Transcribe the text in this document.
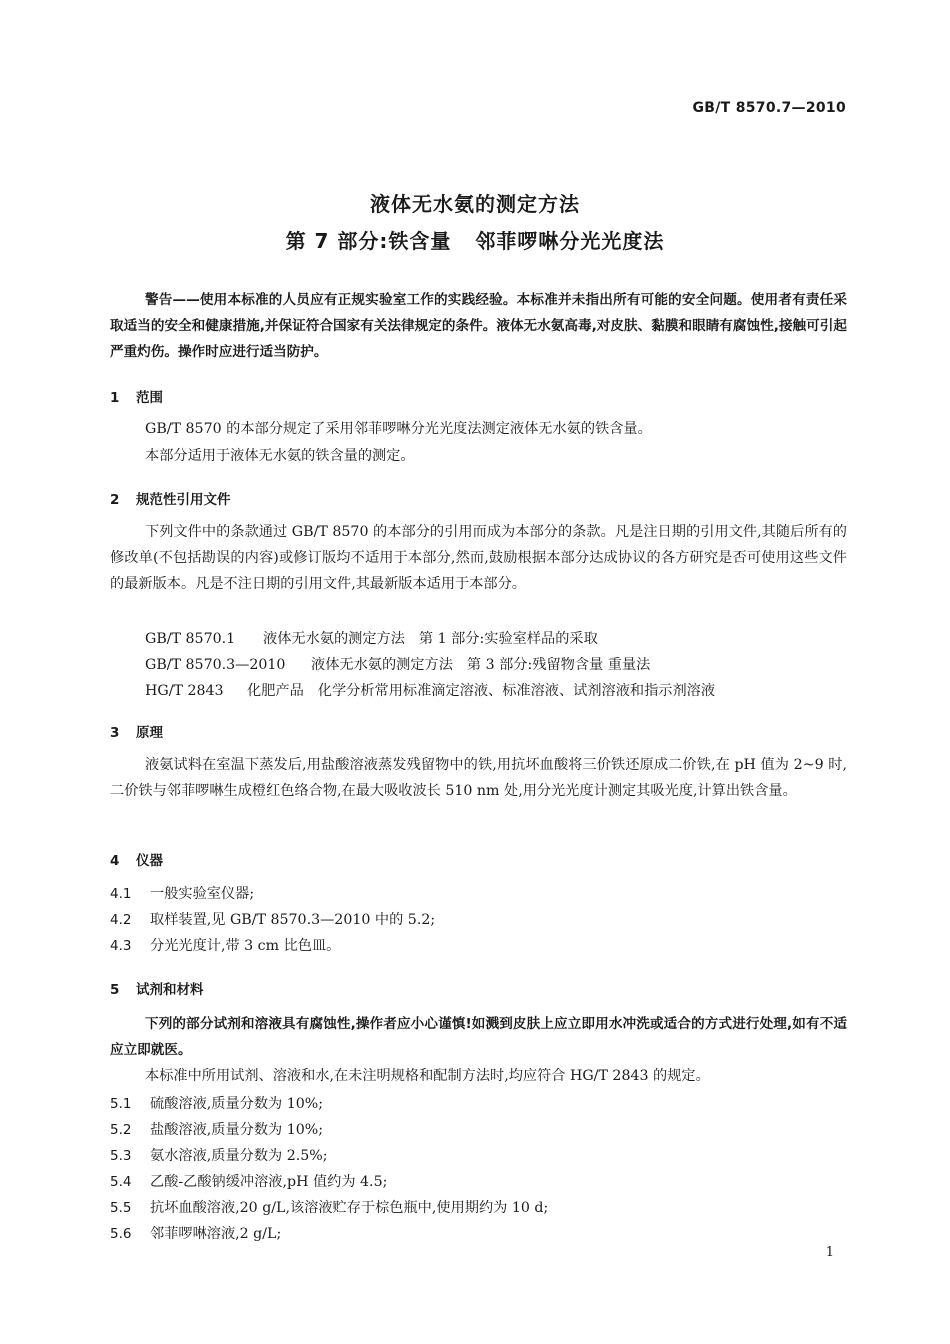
GB/T 8570.7—2010
液体无水氨的测定方法
第 7 部分:铁含量 邻菲啰啉分光光度法
警告——使用本标准的人员应有正规实验室工作的实践经验。本标准并未指出所有可能的安全问题。使用者有责任采取适当的安全和健康措施,并保证符合国家有关法律规定的条件。液体无水氨高毒,对皮肤、黏膜和眼睛有腐蚀性,接触可引起严重灼伤。操作时应进行适当防护。
1 范围
GB/T 8570 的本部分规定了采用邻菲啰啉分光光度法测定液体无水氨的铁含量。
本部分适用于液体无水氨的铁含量的测定。
2 规范性引用文件
下列文件中的条款通过 GB/T 8570 的本部分的引用而成为本部分的条款。凡是注日期的引用文件,其随后所有的修改单(不包括勘误的内容)或修订版均不适用于本部分,然而,鼓励根据本部分达成协议的各方研究是否可使用这些文件的最新版本。凡是不注日期的引用文件,其最新版本适用于本部分。
GB/T 8570.1 液体无水氨的测定方法 第 1 部分:实验室样品的采取
GB/T 8570.3—2010 液体无水氨的测定方法 第 3 部分:残留物含量 重量法
HG/T 2843 化肥产品 化学分析常用标准滴定溶液、标准溶液、试剂溶液和指示剂溶液
3 原理
液氨试料在室温下蒸发后,用盐酸溶液蒸发残留物中的铁,用抗坏血酸将三价铁还原成二价铁,在 pH 值为 2~9 时,二价铁与邻菲啰啉生成橙红色络合物,在最大吸收波长 510 nm 处,用分光光度计测定其吸光度,计算出铁含量。
4 仪器
4.1 一般实验室仪器;
4.2 取样装置,见 GB/T 8570.3—2010 中的 5.2;
4.3 分光光度计,带 3 cm 比色皿。
5 试剂和材料
下列的部分试剂和溶液具有腐蚀性,操作者应小心谨慎!如溅到皮肤上应立即用水冲洗或适合的方式进行处理,如有不适应立即就医。
本标准中所用试剂、溶液和水,在未注明规格和配制方法时,均应符合 HG/T 2843 的规定。
5.1 硫酸溶液,质量分数为 10%;
5.2 盐酸溶液,质量分数为 10%;
5.3 氨水溶液,质量分数为 2.5%;
5.4 乙酸-乙酸钠缓冲溶液,pH 值约为 4.5;
5.5 抗坏血酸溶液,20 g/L,该溶液贮存于棕色瓶中,使用期约为 10 d;
5.6 邻菲啰啉溶液,2 g/L;
1
